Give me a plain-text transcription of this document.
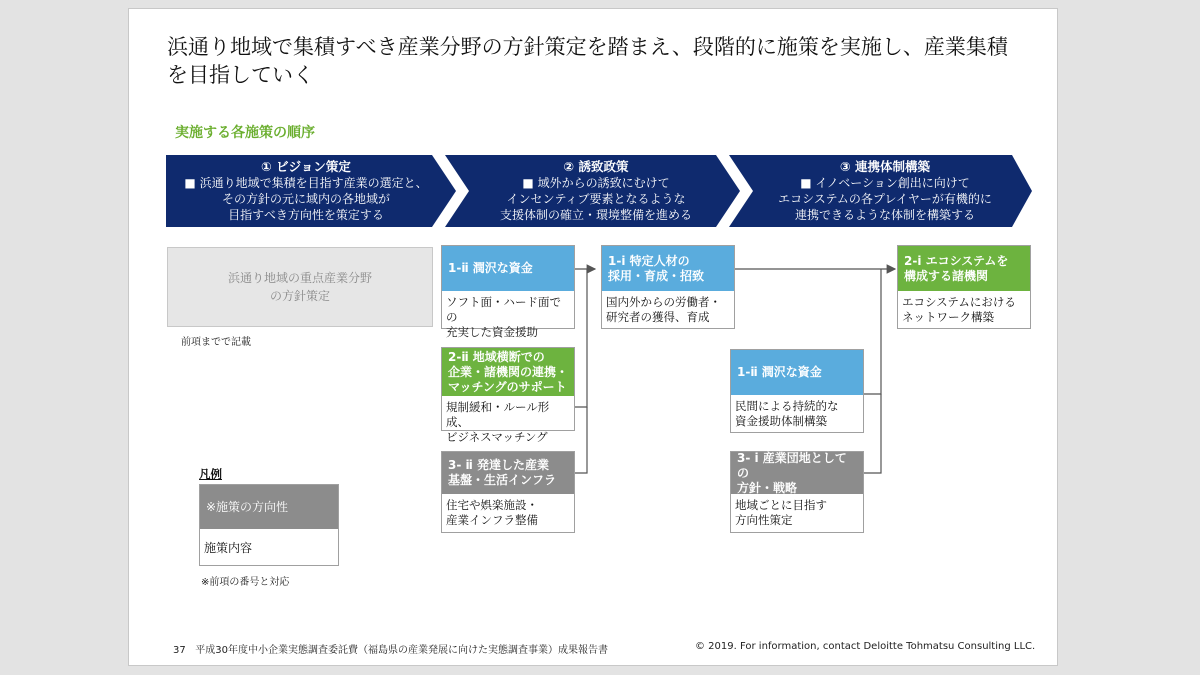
浜通り地域で集積すべき産業分野の方針策定を踏まえ、段階的に施策を実施し、産業集積を目指していく
実施する各施策の順序
① ビジョン策定
■ 浜通り地域で集積を目指す産業の選定と、
その方針の元に域内の各地域が
目指すべき方向性を策定する
② 誘致政策
■ 域外からの誘致にむけて
インセンティブ要素となるような
支援体制の確立・環境整備を進める
③ 連携体制構築
■ イノベーション創出に向けて
エコシステムの各プレイヤーが有機的に
連携できるような体制を構築する
浜通り地域の重点産業分野
の方針策定
前項までで記載
1-ⅱ 潤沢な資金
ソフト面・ハード面での
充実した資金援助
2-ⅱ 地域横断での
企業・諸機関の連携・
マッチングのサポート
規制緩和・ルール形成、
ビジネスマッチング
3- ⅱ 発達した産業
基盤・生活インフラ
住宅や娯楽施設・
産業インフラ整備
1-ⅰ 特定人材の
採用・育成・招致
国内外からの労働者・
研究者の獲得、育成
1-ⅱ 潤沢な資金
民間による持続的な
資金援助体制構築
3- ⅰ 産業団地としての
方針・戦略
地域ごとに目指す
方向性策定
2-ⅰ エコシステムを
構成する諸機関
エコシステムにおける
ネットワーク構築
凡例
※施策の方向性
施策内容
※前項の番号と対応
37 平成30年度中小企業実態調査委託費（福島県の産業発展に向けた実態調査事業）成果報告書	© 2019. For information, contact Deloitte Tohmatsu Consulting LLC.
